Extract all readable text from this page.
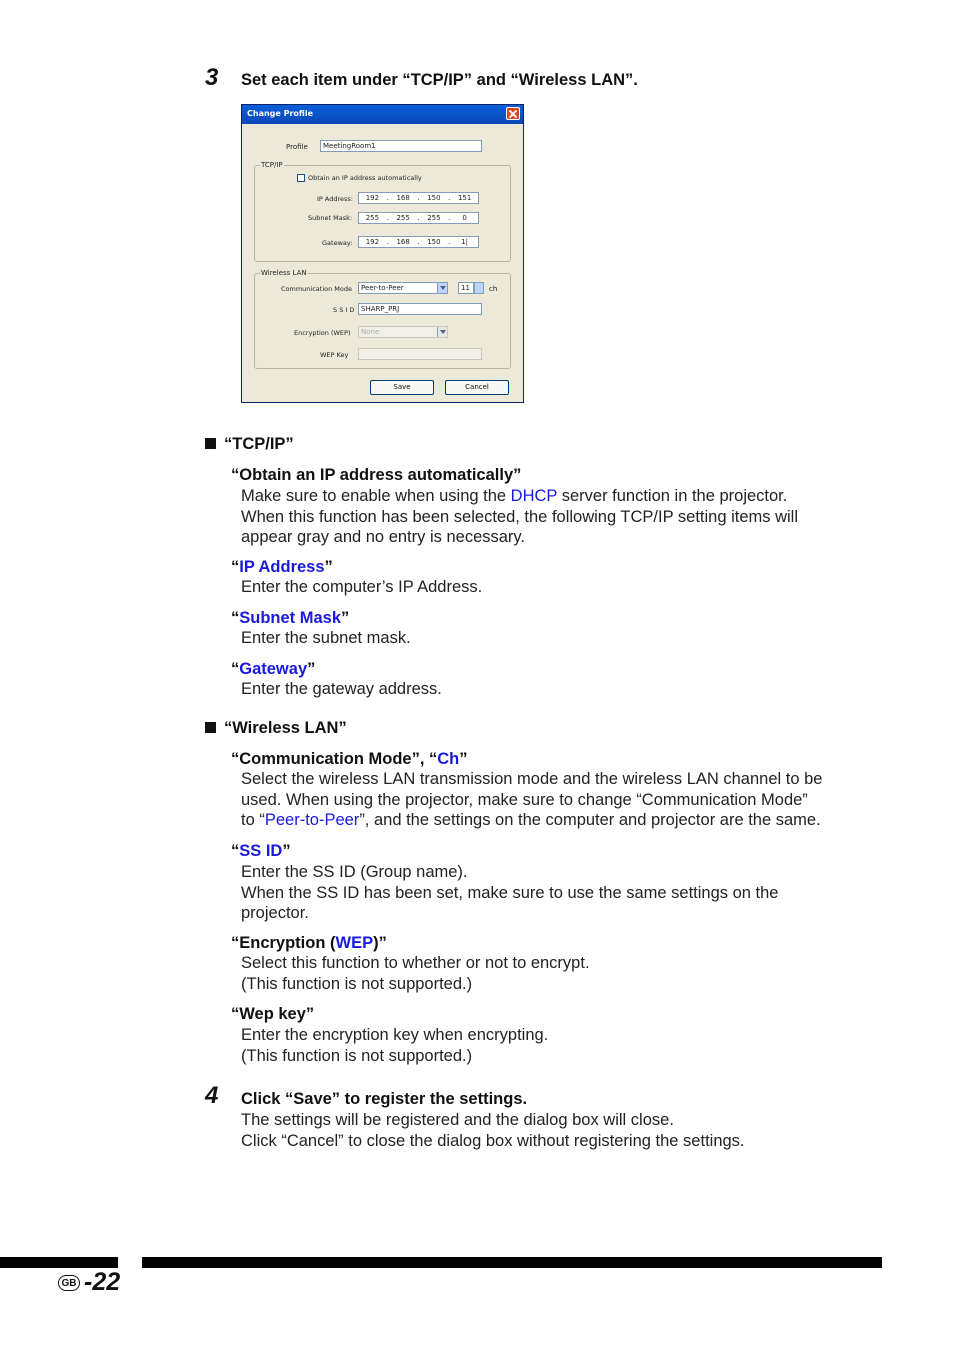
3 Set each item under “TCP/IP” and “Wireless LAN”.
Change Profile
Profile	MeetingRoom1
TCP/IP
Obtain an IP address automatically
IP Address:	192	.	168	.	150	.	151
Subnet Mask:	255	.	255	.	255	.	0
Gateway:	192	.	168	.	150	.	1|
Wireless LAN
Communication Mode	Peer-to-Peer	11	ch
S S I D SHARP_PRJ
Encryption (WEP)	None
WEP Key
Save	Cancel
“TCP/IP”
“Obtain an IP address automatically”
Make sure to enable when using the DHCP server function in the projector.
When this function has been selected, the following TCP/IP setting items will
appear gray and no entry is necessary.
“IP Address”
Enter the computer’s IP Address.
“Subnet Mask”
Enter the subnet mask.
“Gateway”
Enter the gateway address.
“Wireless LAN”
“Communication Mode”, “Ch”
Select the wireless LAN transmission mode and the wireless LAN channel to be
used. When using the projector, make sure to change “Communication Mode”
to “Peer-to-Peer”, and the settings on the computer and projector are the same.
“SS ID”
Enter the SS ID (Group name).
When the SS ID has been set, make sure to use the same settings on the
projector.
“Encryption (WEP)”
Select this function to whether or not to encrypt.
(This function is not supported.)
“Wep key”
Enter the encryption key when encrypting.
(This function is not supported.)
4 Click “Save” to register the settings.
The settings will be registered and the dialog box will close.
Click “Cancel” to close the dialog box without registering the settings.
GB -22
